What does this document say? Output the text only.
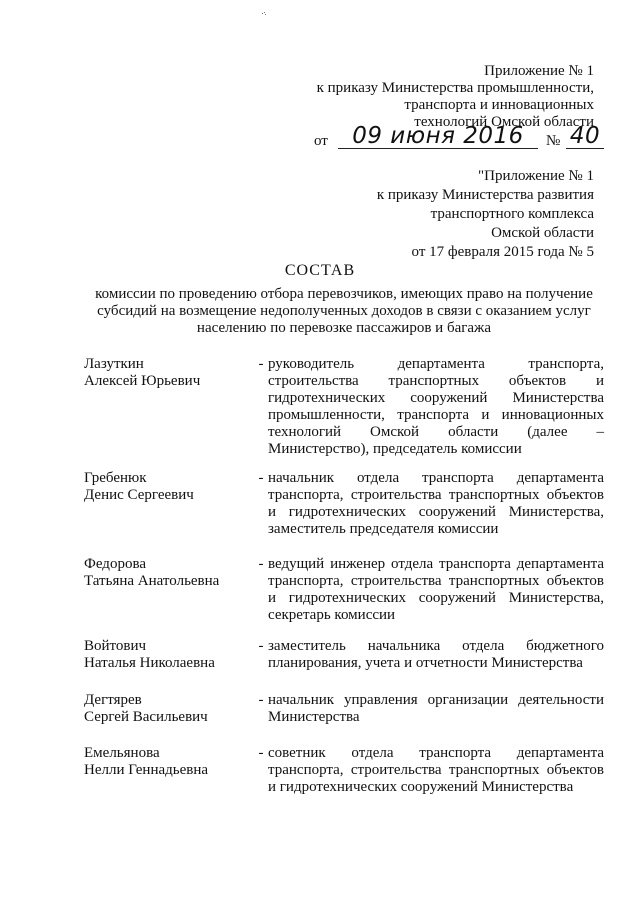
Приложение № 1
к приказу Министерства промышленности,
транспорта и инновационных
технологий Омской области
от	09 июня 2016	№ 40
"Приложение № 1
к приказу Министерства развития
транспортного комплекса
Омской области
от 17 февраля 2015 года № 5
СОСТАВ
комиссии по проведению отбора перевозчиков, имеющих право на получение субсидий на возмещение недополученных доходов в связи с оказанием услуг населению по перевозке пассажиров и багажа
Лазуткин
Алексей Юрьевич
- руководитель департамента транспорта, строительства транспортных объектов и гидротехнических сооружений Министерства промышленности, транспорта и инновационных технологий Омской области (далее – Министерство), председатель комиссии
Гребенюк
Денис Сергеевич
- начальник отдела транспорта департамента транспорта, строительства транспортных объектов и гидротехнических сооружений Министерства, заместитель председателя комиссии
Федорова
Татьяна Анатольевна
- ведущий инженер отдела транспорта департамента транспорта, строительства транспортных объектов и гидротехнических сооружений Министерства, секретарь комиссии
Войтович
Наталья Николаевна
- заместитель начальника отдела бюджетного планирования, учета и отчетности Министерства
Дегтярев
Сергей Васильевич
- начальник управления организации деятельности Министерства
Емельянова
Нелли Геннадьевна
- советник отдела транспорта департамента транспорта, строительства транспортных объектов и гидротехнических сооружений Министерства
